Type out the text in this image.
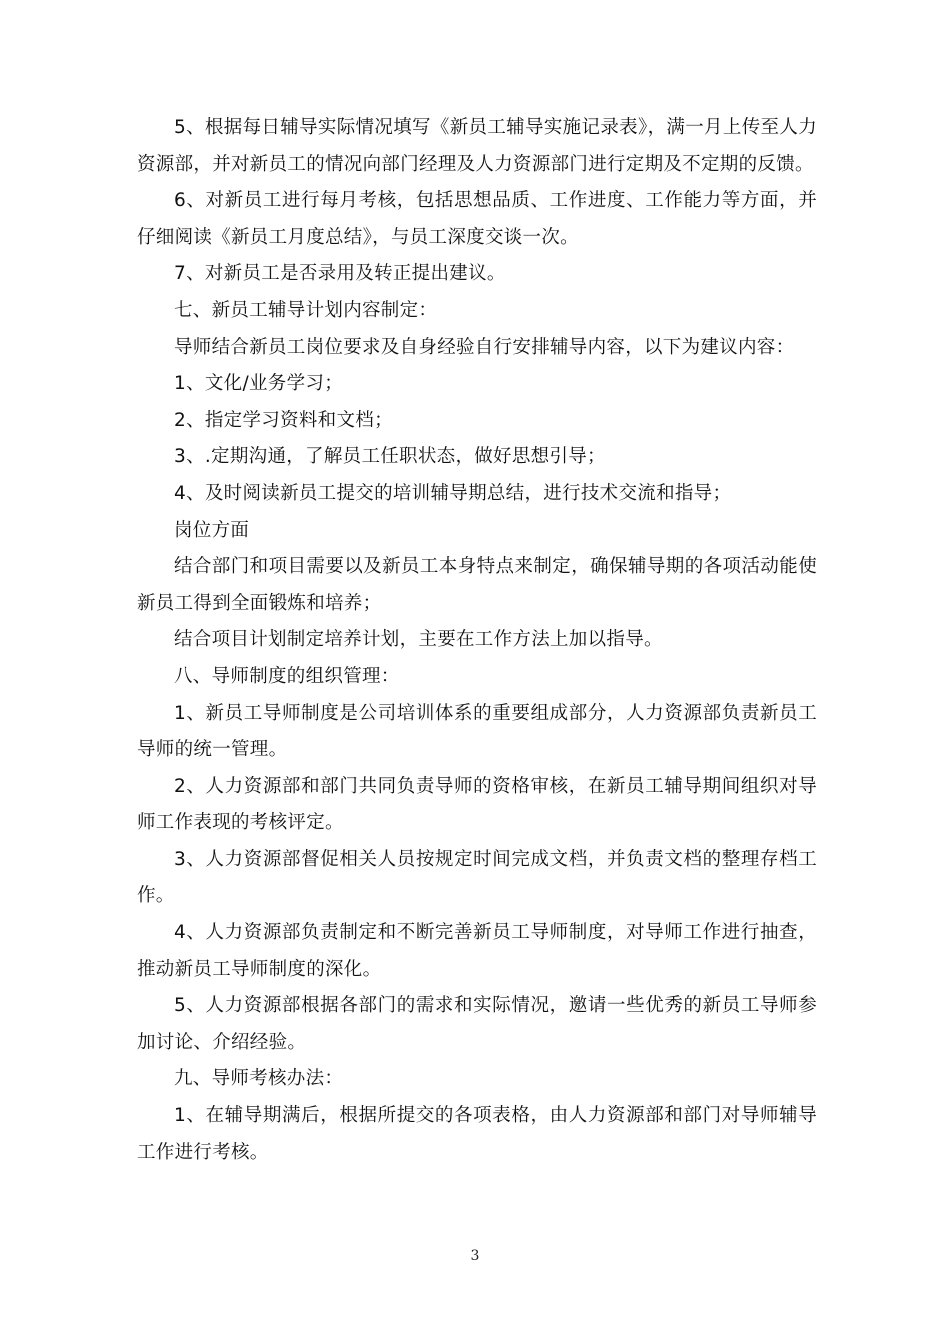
5、根据每日辅导实际情况填写《新员工辅导实施记录表》，满一月上传至人力资源部，并对新员工的情况向部门经理及人力资源部门进行定期及不定期的反馈。

6、对新员工进行每月考核，包括思想品质、工作进度、工作能力等方面，并仔细阅读《新员工月度总结》，与员工深度交谈一次。

7、对新员工是否录用及转正提出建议。

七、新员工辅导计划内容制定：

导师结合新员工岗位要求及自身经验自行安排辅导内容，以下为建议内容：

1、文化/业务学习；

2、指定学习资料和文档；

3、.定期沟通，了解员工任职状态，做好思想引导；

4、及时阅读新员工提交的培训辅导期总结，进行技术交流和指导；

岗位方面

结合部门和项目需要以及新员工本身特点来制定，确保辅导期的各项活动能使新员工得到全面锻炼和培养；

结合项目计划制定培养计划，主要在工作方法上加以指导。

八、导师制度的组织管理：

1、新员工导师制度是公司培训体系的重要组成部分，人力资源部负责新员工导师的统一管理。

2、人力资源部和部门共同负责导师的资格审核，在新员工辅导期间组织对导师工作表现的考核评定。

3、人力资源部督促相关人员按规定时间完成文档，并负责文档的整理存档工作。

4、人力资源部负责制定和不断完善新员工导师制度，对导师工作进行抽查，推动新员工导师制度的深化。

5、人力资源部根据各部门的需求和实际情况，邀请一些优秀的新员工导师参加讨论、介绍经验。

九、导师考核办法：

1、在辅导期满后，根据所提交的各项表格，由人力资源部和部门对导师辅导工作进行考核。

3
